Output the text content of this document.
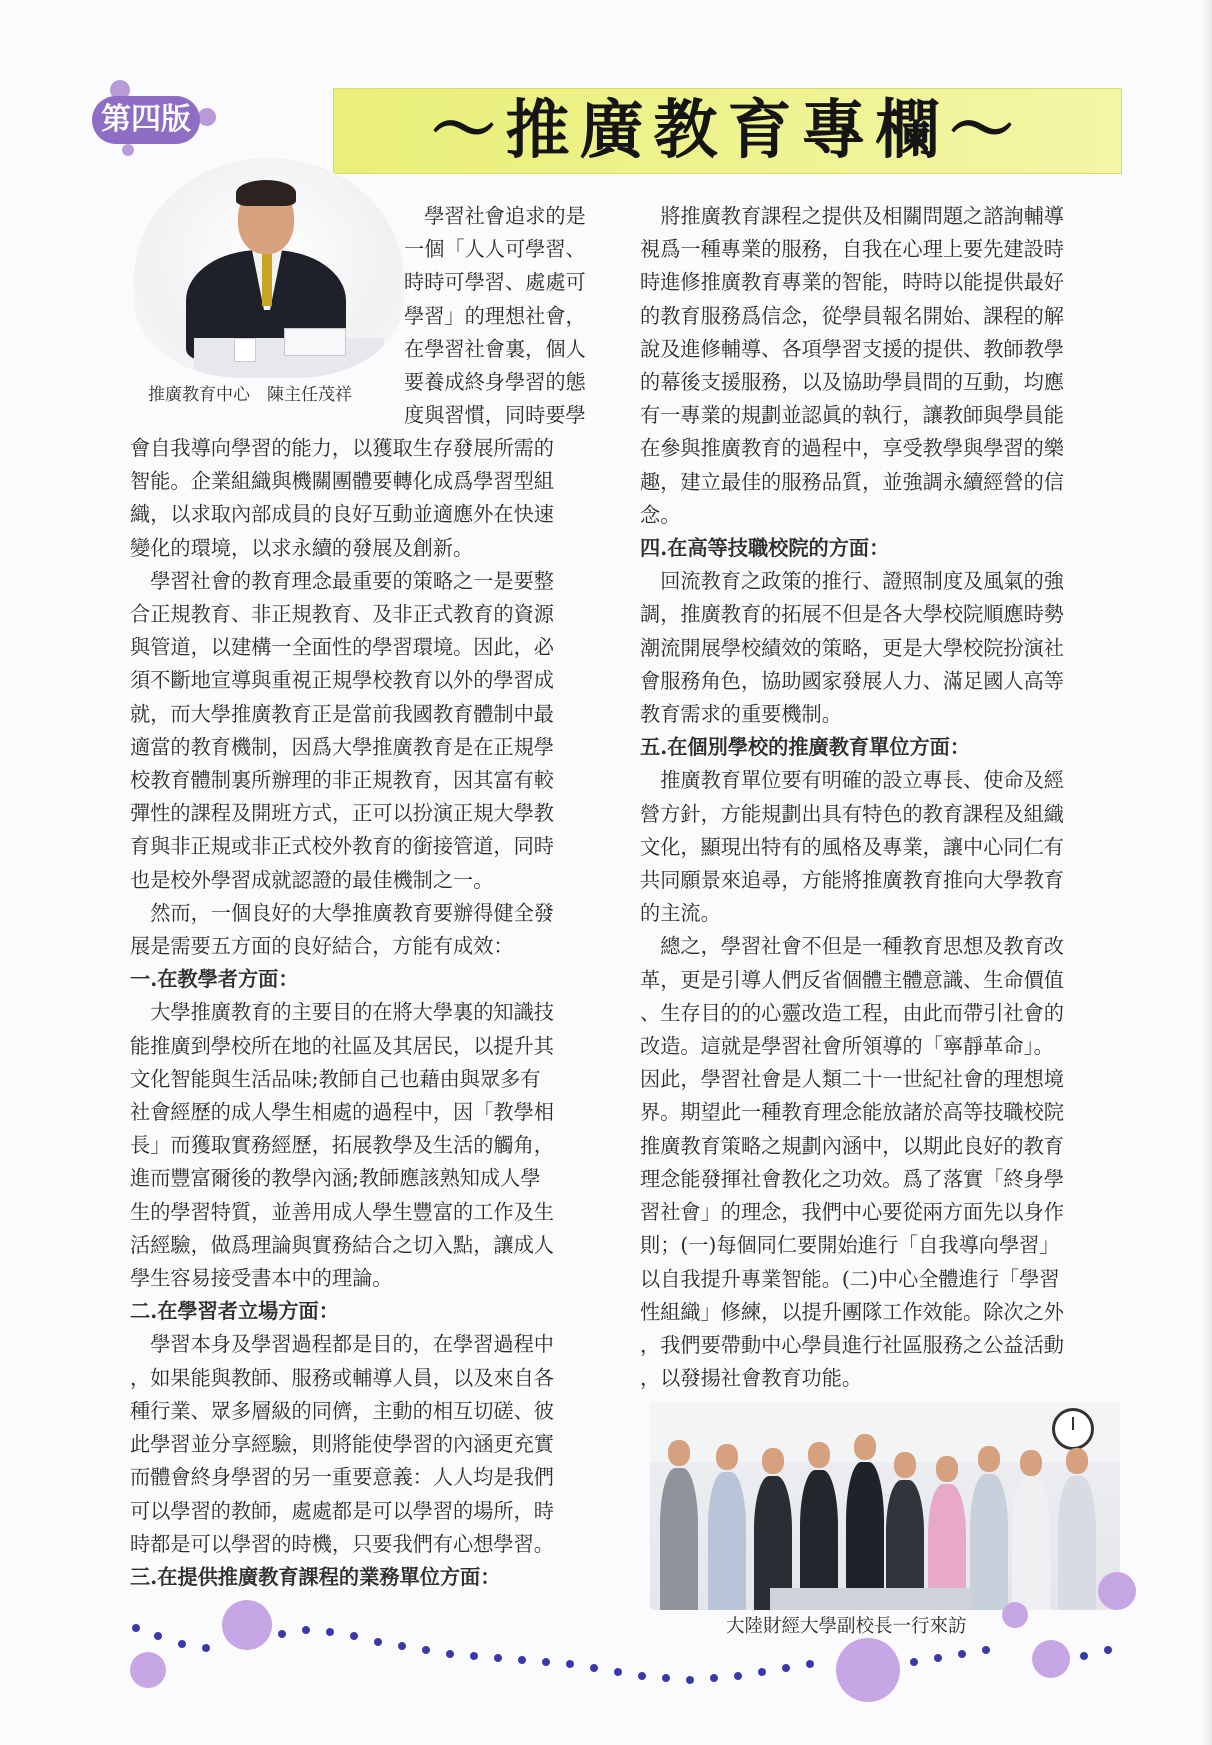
第四版	～推廣教育專欄～
推廣教育中心　陳主任茂祥

　學習社會追求的是

一個「人人可學習、

時時可學習、處處可

學習」的理想社會，

在學習社會裏，個人

要養成終身學習的態

度與習慣，同時要學

會自我導向學習的能力，以獲取生存發展所需的

智能。企業組織與機關團體要轉化成爲學習型組

織，以求取內部成員的良好互動並適應外在快速

變化的環境，以求永續的發展及創新。

　學習社會的教育理念最重要的策略之一是要整

合正規教育、非正規教育、及非正式教育的資源

與管道，以建構一全面性的學習環境。因此，必

須不斷地宣導與重視正規學校教育以外的學習成

就，而大學推廣教育正是當前我國教育體制中最

適當的教育機制，因爲大學推廣教育是在正規學

校教育體制裏所辦理的非正規教育，因其富有較

彈性的課程及開班方式，正可以扮演正規大學教

育與非正規或非正式校外教育的銜接管道，同時

也是校外學習成就認證的最佳機制之一。

　然而，一個良好的大學推廣教育要辦得健全發

展是需要五方面的良好結合，方能有成效：

一.在教學者方面：

　大學推廣教育的主要目的在將大學裏的知識技

能推廣到學校所在地的社區及其居民，以提升其

文化智能與生活品味;教師自己也藉由與眾多有

社會經歷的成人學生相處的過程中，因「教學相

長」而獲取實務經歷，拓展教學及生活的觸角，

進而豐富爾後的教學內涵;教師應該熟知成人學

生的學習特質，並善用成人學生豐富的工作及生

活經驗，做爲理論與實務結合之切入點，讓成人

學生容易接受書本中的理論。

二.在學習者立場方面：

　學習本身及學習過程都是目的，在學習過程中

，如果能與教師、服務或輔導人員，以及來自各

種行業、眾多層級的同儕，主動的相互切磋、彼

此學習並分享經驗，則將能使學習的內涵更充實

而體會終身學習的另一重要意義：人人均是我們

可以學習的教師，處處都是可以學習的場所，時

時都是可以學習的時機，只要我們有心想學習。

三.在提供推廣教育課程的業務單位方面：

　將推廣教育課程之提供及相關問題之諮詢輔導

視爲一種專業的服務，自我在心理上要先建設時

時進修推廣教育專業的智能，時時以能提供最好

的教育服務爲信念，從學員報名開始、課程的解

說及進修輔導、各項學習支援的提供、教師教學

的幕後支援服務，以及協助學員間的互動，均應

有一專業的規劃並認眞的執行，讓教師與學員能

在參與推廣教育的過程中，享受教學與學習的樂

趣，建立最佳的服務品質，並強調永續經營的信

念。

四.在高等技職校院的方面：

　回流教育之政策的推行、證照制度及風氣的強

調，推廣教育的拓展不但是各大學校院順應時勢

潮流開展學校績效的策略，更是大學校院扮演社

會服務角色，協助國家發展人力、滿足國人高等

教育需求的重要機制。

五.在個別學校的推廣教育單位方面：

　推廣教育單位要有明確的設立專長、使命及經

營方針，方能規劃出具有特色的教育課程及組織

文化，顯現出特有的風格及專業，讓中心同仁有

共同願景來追尋，方能將推廣教育推向大學教育

的主流。

　總之，學習社會不但是一種教育思想及教育改

革，更是引導人們反省個體主體意識、生命價值

、生存目的的心靈改造工程，由此而帶引社會的

改造。這就是學習社會所領導的「寧靜革命」。

因此，學習社會是人類二十一世紀社會的理想境

界。期望此一種教育理念能放諸於高等技職校院

推廣教育策略之規劃內涵中，以期此良好的教育

理念能發揮社會教化之功效。爲了落實「終身學

習社會」的理念，我們中心要從兩方面先以身作

則；(一)每個同仁要開始進行「自我導向學習」

以自我提升專業智能。(二)中心全體進行「學習

性組織」修練，以提升團隊工作效能。除次之外

，我們要帶動中心學員進行社區服務之公益活動

，以發揚社會教育功能。

大陸財經大學副校長一行來訪
